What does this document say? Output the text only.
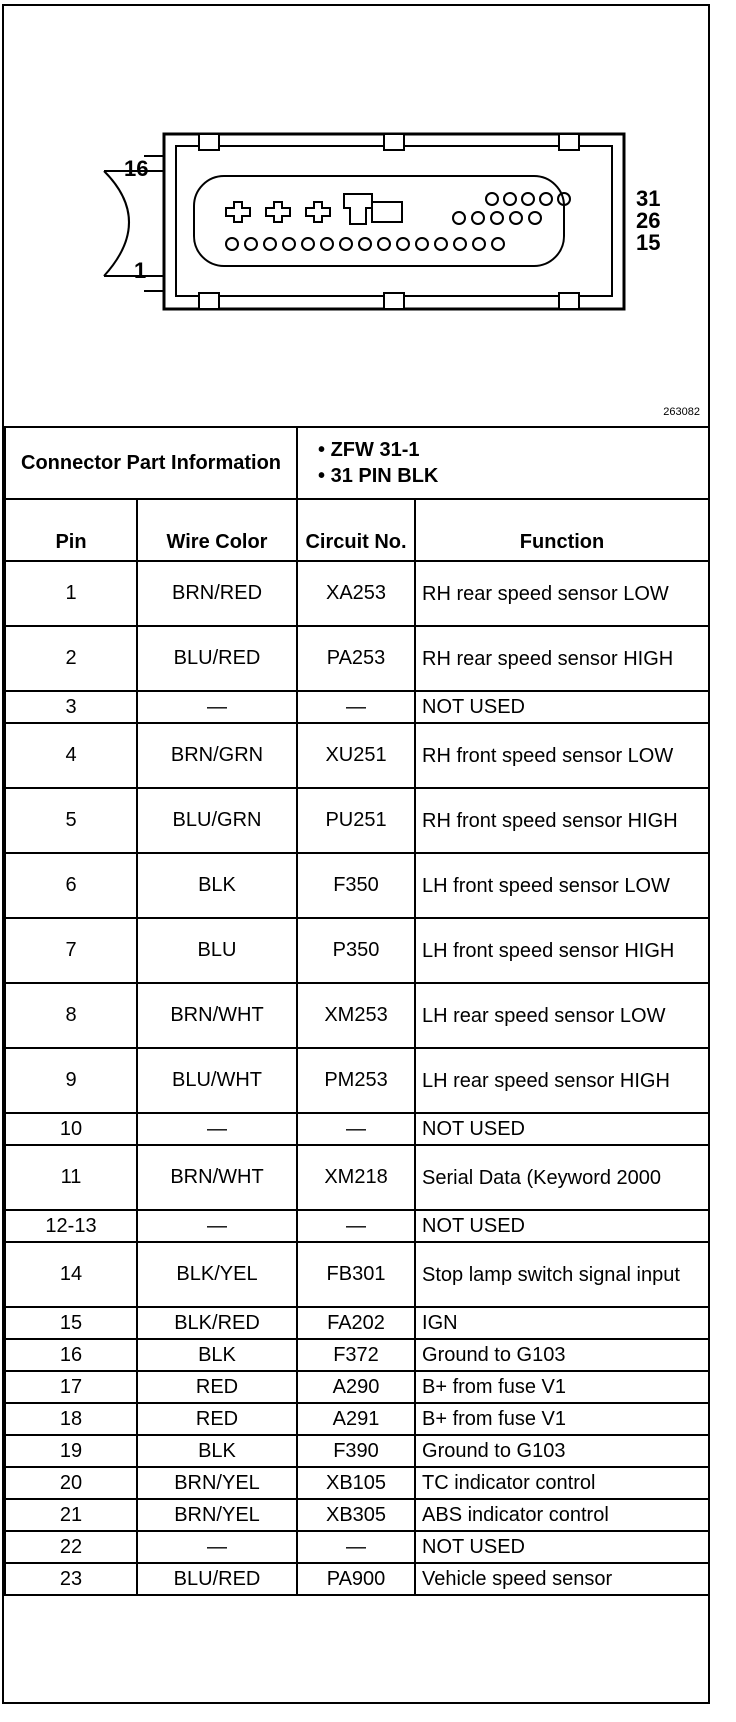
16
1
31
26
15
263082
Connector Part Information		• ZFW 31-1
• 31 PIN BLK	

Pin	Wire Color	Circuit No.	Function
1	BRN/RED	XA253	RH rear speed sensor LOW
2	BLU/RED	PA253	RH rear speed sensor HIGH
3	—	—	NOT USED
4	BRN/GRN	XU251	RH front speed sensor LOW
5	BLU/GRN	PU251	RH front speed sensor HIGH
6	BLK	F350	LH front speed sensor LOW
7	BLU	P350	LH front speed sensor HIGH
8	BRN/WHT	XM253	LH rear speed sensor LOW
9	BLU/WHT	PM253	LH rear speed sensor HIGH
10	—	—	NOT USED
11	BRN/WHT	XM218	Serial Data (Keyword 2000
12-13	—	—	NOT USED
14	BLK/YEL	FB301	Stop lamp switch signal input
15	BLK/RED	FA202	IGN
16	BLK	F372	Ground to G103
17	RED	A290	B+ from fuse V1
18	RED	A291	B+ from fuse V1
19	BLK	F390	Ground to G103
20	BRN/YEL	XB105	TC indicator control
21	BRN/YEL	XB305	ABS indicator control
22	—	—	NOT USED
23	BLU/RED	PA900	Vehicle speed sensor
